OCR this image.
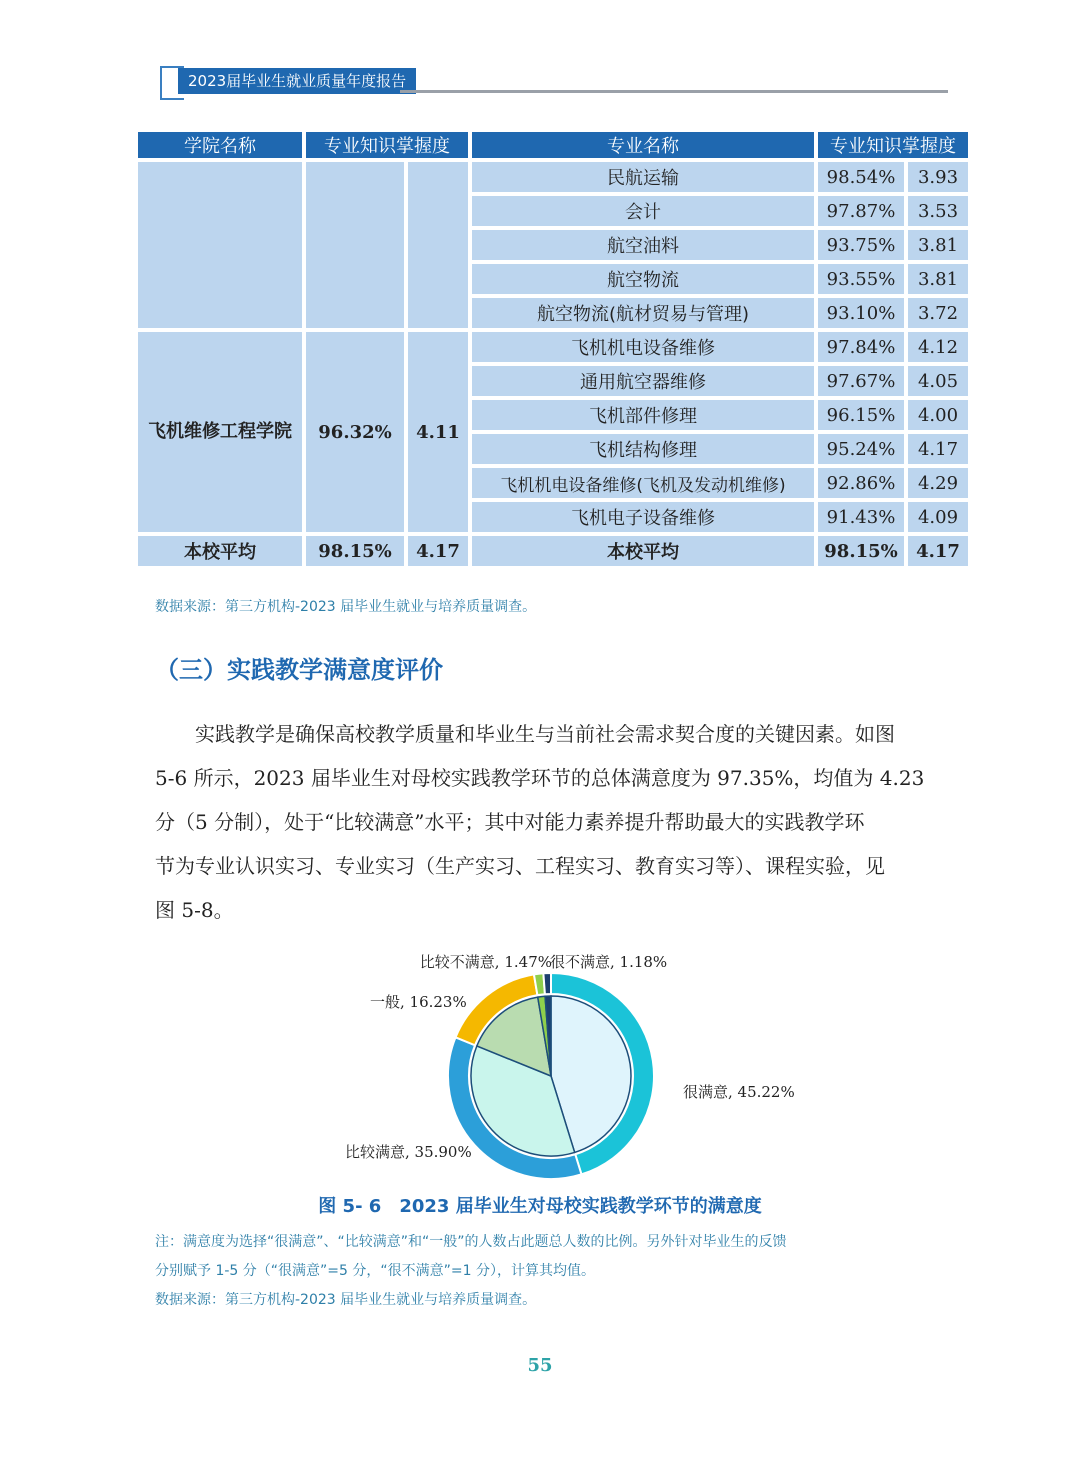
2023届毕业生就业质量年度报告
学院名称	专业知识掌握度		专业名称	专业知识掌握度	
			民航运输	98.54%	3.93
			会计	97.87%	3.53
			航空油料	93.75%	3.81
			航空物流	93.55%	3.81
			航空物流(航材贸易与管理)	93.10%	3.72
飞机维修工程学院	96.32%	4.11	飞机机电设备维修	97.84%	4.12
			通用航空器维修	97.67%	4.05
			飞机部件修理	96.15%	4.00
			飞机结构修理	95.24%	4.17
			飞机机电设备维修(飞机及发动机维修)	92.86%	4.29
			飞机电子设备维修	91.43%	4.09
本校平均	98.15%	4.17	本校平均	98.15%	4.17
数据来源：第三方机构-2023 届毕业生就业与培养质量调查。
（三）实践教学满意度评价
实践教学是确保高校教学质量和毕业生与当前社会需求契合度的关键因素。如图
5-6 所示，2023 届毕业生对母校实践教学环节的总体满意度为 97.35%，均值为 4.23
分（5 分制），处于“比较满意”水平；其中对能力素养提升帮助最大的实践教学环
节为专业认识实习、专业实习（生产实习、工程实习、教育实习等）、课程实验，见
图 5-8。
比较不满意, 1.47%
很不满意, 1.18%
一般, 16.23%
很满意, 45.22%
比较满意, 35.90%
图 5- 6　2023 届毕业生对母校实践教学环节的满意度
注：满意度为选择“很满意”、“比较满意”和“一般”的人数占此题总人数的比例。另外针对毕业生的反馈
分别赋予 1-5 分（“很满意”=5 分，“很不满意”=1 分），计算其均值。
数据来源：第三方机构-2023 届毕业生就业与培养质量调查。
55
